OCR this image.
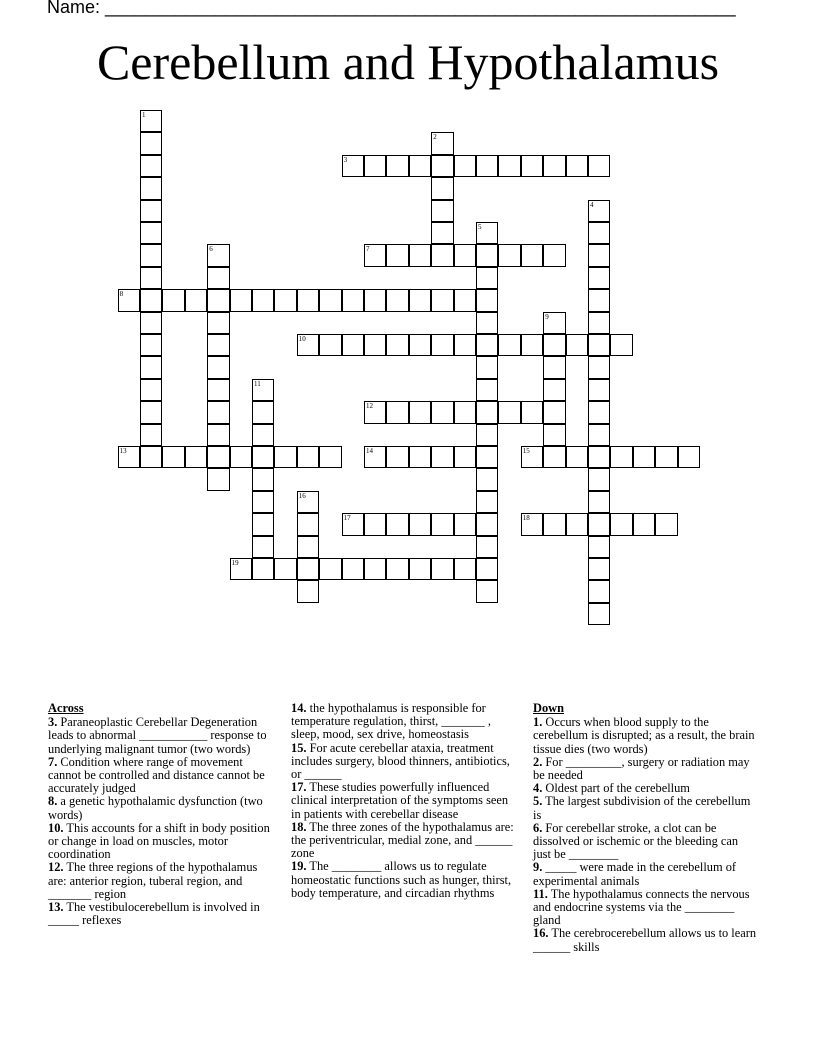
Name: _______________________________________________________________
Cerebellum and Hypothalamus
1
2
3
4
5
6	7
8
9
10
11
12
13	14	15
16
17	18
19
Across
3. Paraneoplastic Cerebellar Degeneration leads to abnormal ___________ response to underlying malignant tumor (two words)
7. Condition where range of movement cannot be controlled and distance cannot be accurately judged
8. a genetic hypothalamic dysfunction (two words)
10. This accounts for a shift in body position or change in load on muscles, motor coordination
12. The three regions of the hypothalamus are: anterior region, tuberal region, and _______ region
13. The vestibulocerebellum is involved in _____ reflexes
14. the hypothalamus is responsible for temperature regulation, thirst, _______ , sleep, mood, sex drive, homeostasis
15. For acute cerebellar ataxia, treatment includes surgery, blood thinners, antibiotics, or ______
17. These studies powerfully influenced clinical interpretation of the symptoms seen in patients with cerebellar disease
18. The three zones of the hypothalamus are: the periventricular, medial zone, and ______ zone
19. The ________ allows us to regulate homeostatic functions such as hunger, thirst, body temperature, and circadian rhythms
Down
1. Occurs when blood supply to the cerebellum is disrupted; as a result, the brain tissue dies (two words)
2. For _________, surgery or radiation may be needed
4. Oldest part of the cerebellum
5. The largest subdivision of the cerebellum is
6. For cerebellar stroke, a clot can be dissolved or ischemic or the bleeding can just be ________
9. _____ were made in the cerebellum of experimental animals
11. The hypothalamus connects the nervous and endocrine systems via the ________ gland
16. The cerebrocerebellum allows us to learn ______ skills
